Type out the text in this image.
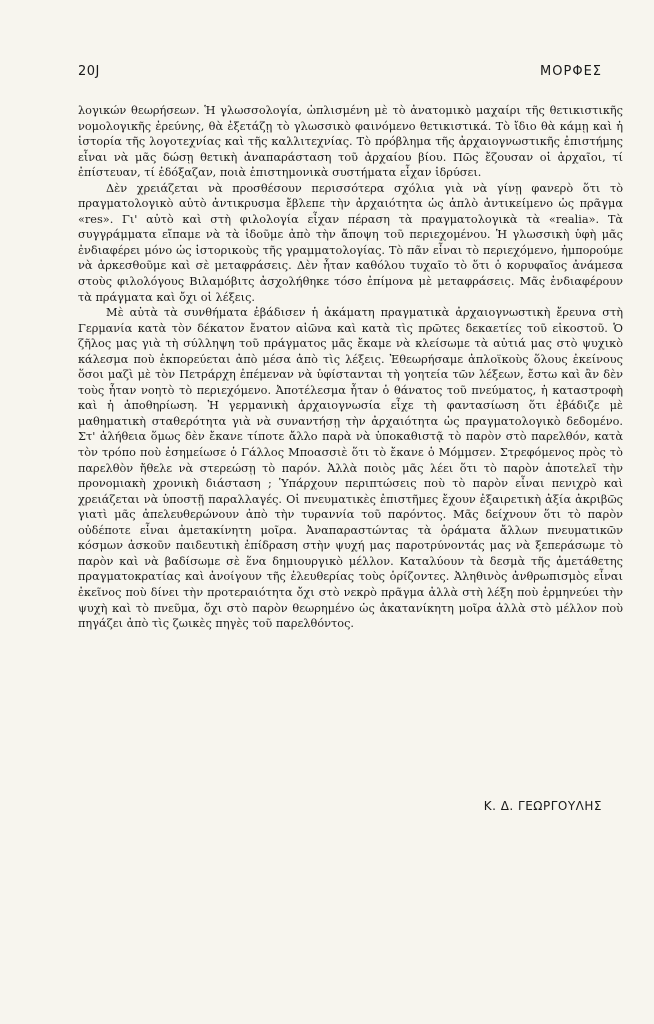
20J	ΜΟΡΦΕΣ

λογικών θεωρήσεων. Ἡ γλωσσολογία, ὡπλισμένη μὲ τὸ ἀνατομικὸ μαχαίρι τῆς θετικιστικῆς νομολογικῆς ἐρεύνης, θὰ ἐξετάζῃ τὸ γλωσσικὸ φαινόμενο θετικιστικά. Τὸ ἴδιο θὰ κάμῃ καὶ ἡ ἱστορία τῆς λογοτεχνίας καὶ τῆς καλλιτεχνίας. Τὸ πρόβλημα τῆς ἀρχαιογνωστικῆς ἐπιστήμης εἶναι νὰ μᾶς δώσῃ θετικὴ ἀναπαράσταση τοῦ ἀρχαίου βίου. Πῶς ἔζουσαν οἱ ἀρχαῖοι, τί ἐπίστευαν, τί ἐδόξαζαν, ποιὰ ἐπιστημονικὰ συστήματα εἶχαν ἱδρύσει.

Δὲν χρειάζεται νὰ προσθέσουν περισσότερα σχόλια γιὰ νὰ γίνῃ φανερὸ ὅτι τὸ πραγματολογικὸ αὐτὸ ἀντικρυσμα ἔβλεπε τὴν ἀρχαιότητα ὡς ἁπλὸ ἀντικείμενο ὡς πρᾶγμα «res». Γι' αὐτὸ καὶ στὴ φιλολογία εἶχαν πέραση τὰ πραγματολογικὰ τὰ «realia». Τὰ συγγράμματα εἴπαμε νὰ τὰ ἰδοῦμε ἀπὸ τὴν ἄποψη τοῦ περιεχομένου. Ἡ γλωσσικὴ ὑφὴ μᾶς ἐνδιαφέρει μόνο ὡς ἱστορικοὺς τῆς γραμματολογίας. Τὸ πᾶν εἶναι τὸ περιεχόμενο, ἠμπορούμε νὰ ἀρκεσθοῦμε καὶ σὲ μεταφράσεις. Δὲν ἦταν καθόλου τυχαῖο τὸ ὅτι ὁ κορυφαῖος ἀνάμεσα στοὺς φιλολόγους Βιλαμόβιτς ἀσχολήθηκε τόσο ἐπίμονα μὲ μεταφράσεις. Μᾶς ἐνδιαφέρουν τὰ πράγματα καὶ ὄχι οἱ λέξεις.

Μὲ αὐτὰ τὰ συνθήματα ἐβάδισεν ἡ ἀκάματη πραγματικὰ ἀρχαιογνωστικὴ ἔρευνα στὴ Γερμανία κατὰ τὸν δέκατον ἔνατον αἰῶνα καὶ κατὰ τὶς πρῶτες δεκαετίες τοῦ εἰκοστοῦ. Ὁ ζῆλος μας γιὰ τὴ σύλληψη τοῦ πράγματος μᾶς ἔκαμε νὰ κλείσωμε τὰ αὐτιά μας στὸ ψυχικὸ κάλεσμα ποὺ ἐκπορεύεται ἀπὸ μέσα ἀπὸ τὶς λέξεις. Ἐθεωρήσαμε ἀπλοϊκοὺς ὅλους ἐκείνους ὅσοι μαζὶ μὲ τὸν Πετράρχη ἐπέμεναν νὰ ὑφίστανται τὴ γοητεία τῶν λέξεων, ἔστω καὶ ἂν δὲν τοὺς ἦταν νοητὸ τὸ περιεχόμενο. Ἀποτέλεσμα ἦταν ὁ θάνατος τοῦ πνεύματος, ἡ καταστροφὴ καὶ ἡ ἀποθηρίωση. Ἡ γερμανικὴ ἀρχαιογνωσία εἶχε τὴ φαντασίωση ὅτι ἐβάδιζε μὲ μαθηματικὴ σταθερότητα γιὰ νὰ συναντήσῃ τὴν ἀρχαιότητα ὡς πραγματολογικὸ δεδομένο. Στ' ἀλήθεια ὅμως δὲν ἔκανε τίποτε ἄλλο παρὰ νὰ ὑποκαθιστᾷ τὸ παρὸν στὸ παρελθόν, κατὰ τὸν τρόπο ποὺ ἐσημείωσε ὁ Γάλλος Μποασσιὲ ὅτι τὸ ἔκανε ὁ Μόμμσεν. Στρεφόμενος πρὸς τὸ παρελθὸν ἤθελε νὰ στερεώσῃ τὸ παρόν. Ἀλλὰ ποιὸς μᾶς λέει ὅτι τὸ παρὸν ἀποτελεῖ τὴν προνομιακὴ χρονικὴ διάσταση ; Ὑπάρχουν περιπτώσεις ποὺ τὸ παρὸν εἶναι πενιχρὸ καὶ χρειάζεται νὰ ὑποστῇ παραλλαγές. Οἱ πνευματικὲς ἐπιστῆμες ἔχουν ἐξαιρετικὴ ἀξία ἀκριβῶς γιατὶ μᾶς ἀπελευθερώνουν ἀπὸ τὴν τυραννία τοῦ παρόντος. Μᾶς δείχνουν ὅτι τὸ παρὸν οὐδέποτε εἶναι ἀμετακίνητη μοῖρα. Ἀναπαραστώντας τὰ ὁράματα ἄλλων πνευματικῶν κόσμων ἀσκοῦν παιδευτικὴ ἐπίδραση στὴν ψυχή μας παροτρύνοντάς μας νὰ ξεπεράσωμε τὸ παρὸν καὶ νὰ βαδίσωμε σὲ ἕνα δημιουργικὸ μέλλον. Καταλύουν τὰ δεσμὰ τῆς ἀμετάθετης πραγματοκρατίας καὶ ἀνοίγουν τῆς ἐλευθερίας τοὺς ὁρίζοντες. Ἀληθινὸς ἀνθρωπισμὸς εἶναι ἐκεῖνος ποὺ δίνει τὴν προτεραιότητα ὄχι στὸ νεκρὸ πρᾶγμα ἀλλὰ στὴ λέξη ποὺ ἑρμηνεύει τὴν ψυχὴ καὶ τὸ πνεῦμα, ὄχι στὸ παρὸν θεωρημένο ὡς ἀκατανίκητη μοῖρα ἀλλὰ στὸ μέλλον ποὺ πηγάζει ἀπὸ τὶς ζωικὲς πηγὲς τοῦ παρελθόντος.

Κ. Δ. ΓΕΩΡΓΟΥΛΗΣ
